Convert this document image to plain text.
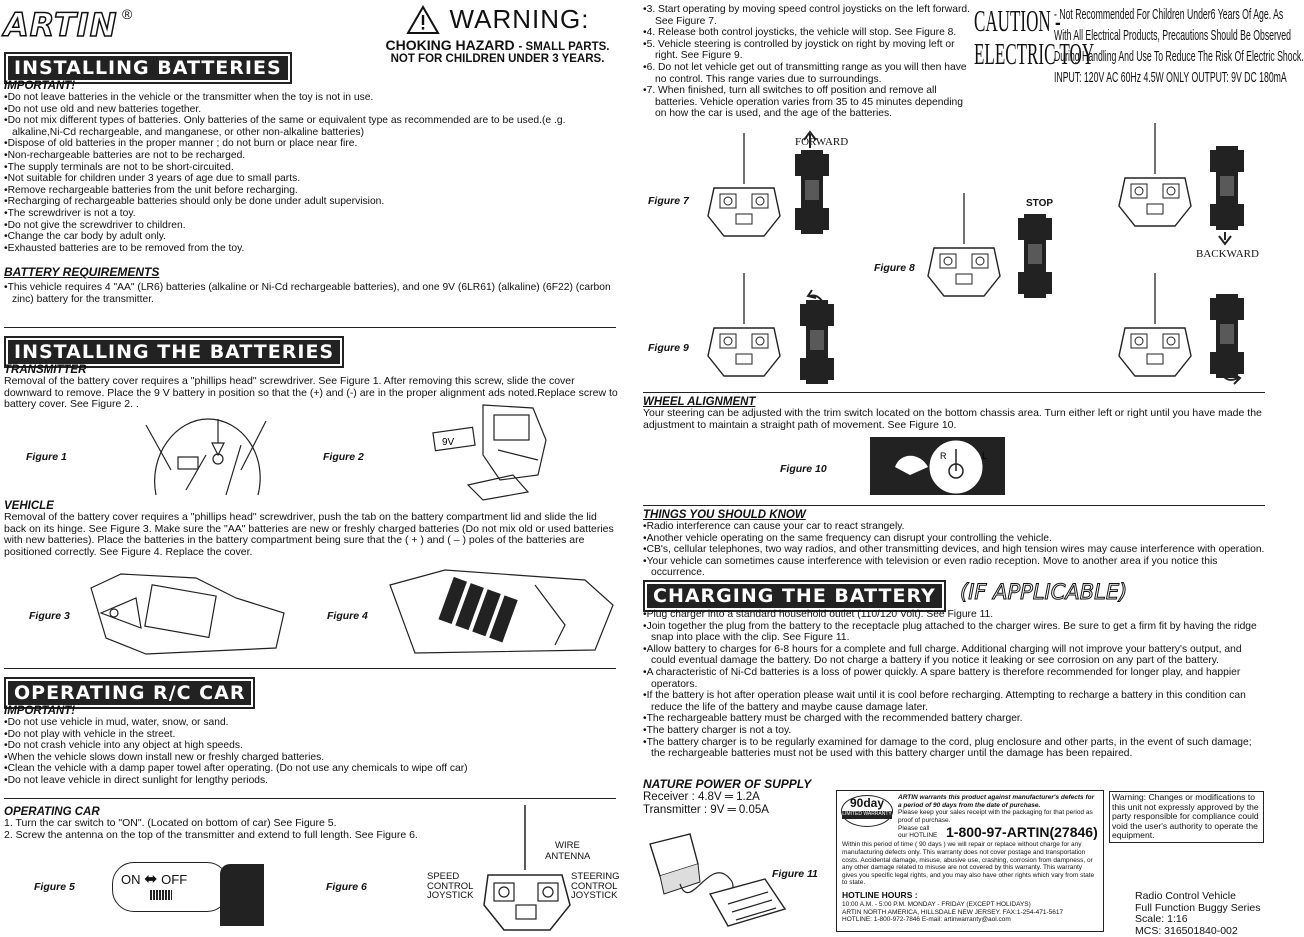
ARTIN ®	WARNING:
CHOKING HAZARD - SMALL PARTS.
NOT FOR CHILDREN UNDER 3 YEARS.
INSTALLING BATTERIES

IMPORTANT!

• Do not leave batteries in the vehicle or the transmitter when the toy is not in use.

• Do not use old and new batteries together.

• Do not mix different types of batteries. Only batteries of the same or equivalent type as recommended are to be used.(e .g. alkaline,Ni-Cd rechargeable, and manganese, or other non-alkaline batteries)

• Dispose of old batteries in the proper manner ; do not burn or place near fire.

• Non-rechargeable batteries are not to be recharged.

• The supply terminals are not to be short-circuited.

• Not suitable for children under 3 years of age due to small parts.

• Remove rechargeable batteries from the unit before recharging.

• Recharging of rechargeable batteries should only be done under adult supervision.

• The screwdriver is not a toy.

• Do not give the screwdriver to children.

• Change the car body by adult only.

• Exhausted batteries are to be removed from the toy.

BATTERY REQUIREMENTS

• This vehicle requires 4 "AA" (LR6) batteries (alkaline or Ni-Cd rechargeable batteries), and one 9V (6LR61) (alkaline) (6F22) (carbon zinc) battery for the transmitter.

INSTALLING THE BATTERIES

TRANSMITTER

Removal of the battery cover requires a "phillips head" screwdriver. See Figure 1. After removing this screw, slide the cover downward to remove. Place the 9 V battery in position so that the (+) and (-) are in the proper alignment ads noted.Replace screw to battery cover. See Figure 2. .

Figure 1	Figure 2
9V

VEHICLE

Removal of the battery cover requires a "phillips head" screwdriver, push the tab on the battery compartment lid and slide the lid back on its hinge. See Figure 3. Make sure the "AA" batteries are new or freshly charged batteries (Do not mix old or used batteries with new batteries). Place the batteries in the battery compartment being sure that the ( + ) and ( – ) poles of the batteries are positioned correctly. See Figure 4. Replace the cover.

Figure 3	Figure 4
OPERATING R/C CAR

IMPORTANT!

• Do not use vehicle in mud, water, snow, or sand.

• Do not play with vehicle in the street.

• Do not crash vehicle into any object at high speeds.

• When the vehicle slows down install new or freshly charged batteries.

• Clean the vehicle with a damp paper towel after operating. (Do not use any chemicals to wipe off car)

• Do not leave vehicle in direct sunlight for lengthy periods.

OPERATING CAR

1. Turn the car switch to "ON". (Located on bottom of car) See Figure 5.

2. Screw the antenna on the top of the transmitter and extend to full length. See Figure 6.

Figure 5	ON ⬌ OFF	Figure 6
SPEED
CONTROL
JOYSTICK
WIRE
ANTENNA
STEERING
CONTROL
JOYSTICK

• 3. Start operating by moving speed control joysticks on the left forward. See Figure 7.

• 4. Release both control joysticks, the vehicle will stop. See Figure 8.

• 5. Vehicle steering is controlled by joystick on right by moving left or right. See Figure 9.

• 6. Do not let vehicle get out of transmitting range as you will then have no control. This range varies due to surroundings.

• 7. When finished, turn all switches to off position and remove all batteries. Vehicle operation varies from 35 to 45 minutes depending on how the car is used, and the age of the batteries.

CAUTION -
ELECTRIC TOY
- Not Recommended For Children Under6 Years Of Age. As
With All Electrical Products, Precautions Should Be Observed
During Handling And Use To Reduce The Risk Of Electric Shock.
INPUT: 120V AC 60Hz 4.5W ONLY OUTPUT: 9V DC 180mA
Figure 7
FORWARD
STOP
BACKWARD
Figure 8
Figure 9

WHEEL ALIGNMENT

Your steering can be adjusted with the trim switch located on the bottom chassis area. Turn either left or right until you have made the adjustment to maintain a straight path of movement. See Figure 10.

Figure 10
R	L

THINGS YOU SHOULD KNOW

• Radio interference can cause your car to react strangely.

• Another vehicle operating on the same frequency can disrupt your controlling the vehicle.

• CB's, cellular telephones, two way radios, and other transmitting devices, and high tension wires may cause interference with operation.

• Your vehicle can sometimes cause interference with television or even radio reception. Move to another area if you notice this occurrence.

CHARGING THE BATTERY	(IF APPLICABLE)

• Plug charger into a standard household outlet (110/120 Volt). See Figure 11.

• Join together the plug from the battery to the receptacle plug attached to the charger wires. Be sure to get a firm fit by having the ridge snap into place with the clip. See Figure 11.

• Allow battery to charges for 6-8 hours for a complete and full charge. Additional charging will not improve your battery's output, and could eventual damage the battery. Do not charge a battery if you notice it leaking or see corrosion on any part of the battery.

• A characteristic of Ni-Cd batteries is a loss of power quickly. A spare battery is therefore recommended for longer play, and happier operators.

• If the battery is hot after operation please wait until it is cool before recharging. Attempting to recharge a battery in this condition can reduce the life of the battery and maybe cause damage later.

• The rechargeable battery must be charged with the recommended battery charger.

• The battery charger is not a toy.

• The battery charger is to be regularly examined for damage to the cord, plug enclosure and other parts, in the event of such damage; the rechargeable batteries must not be used with this battery charger until the damage has been repaired.

NATURE POWER OF SUPPLY

Receiver : 4.8V ═ 1.2A

Transmitter : 9V ═ 0.05A

Figure 11
90day
LIMITED WARRANTY
ARTIN warrants this product against manufacturer's defects for a period of 90 days from the date of purchase.
Please keep your sales receipt with the packaging for that period as proof of purchase.
Please call our HOTLINE 1-800-97-ARTIN(27846)
Within this period of time ( 90 days ) we will repair or replace without charge for any manufacturing defects only. This warranty does not cover postage and transportation costs. Accidental damage, misuse, abusive use, crashing, corrosion from dampness, or any other damage related to misuse are not covered by this warranty. This warranty gives you specific legal rights, and you may also have other rights which vary from state to state.
HOTLINE HOURS :
10:00 A.M. - 5:00 P.M. MONDAY - FRIDAY (EXCEPT HOLIDAYS)
ARTIN NORTH AMERICA, HILLSDALE NEW JERSEY. FAX:1-254-471-5617
HOTLINE: 1-800-972-7846 E-mail: artinwarranty@aol.com
Warning: Changes or modifications to this unit not expressly approved by the party responsible for compliance could void the user's authority to operate the equipment.
Radio Control Vehicle
Full Function Buggy Series
Scale: 1:16
MCS: 316501840-002
